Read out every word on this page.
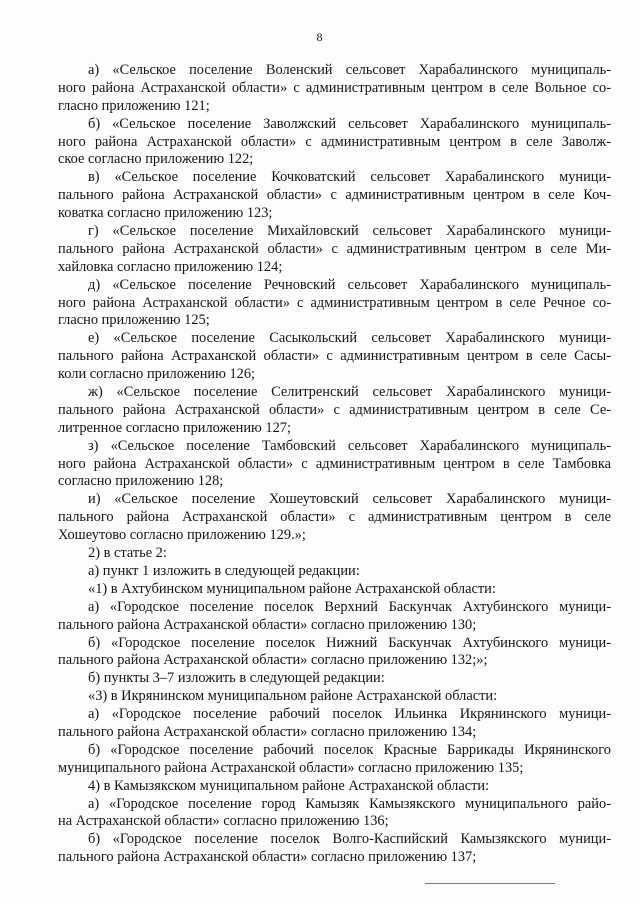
8
а) «Сельское поселение Воленский сельсовет Харабалинского муниципаль-
ного района Астраханской области» с административным центром в селе Вольное со-
гласно приложению 121;
б) «Сельское поселение Заволжский сельсовет Харабалинского муниципаль-
ного района Астраханской области» с административным центром в селе Заволж-
ское согласно приложению 122;
в) «Сельское поселение Кочковатский сельсовет Харабалинского муници-
пального района Астраханской области» с административным центром в селе Коч-
коватка согласно приложению 123;
г) «Сельское поселение Михайловский сельсовет Харабалинского муници-
пального района Астраханской области» с административным центром в селе Ми-
хайловка согласно приложению 124;
д) «Сельское поселение Речновский сельсовет Харабалинского муниципаль-
ного района Астраханской области» с административным центром в селе Речное со-
гласно приложению 125;
е) «Сельское поселение Сасыкольский сельсовет Харабалинского муници-
пального района Астраханской области» с административным центром в селе Сасы-
коли согласно приложению 126;
ж) «Сельское поселение Селитренский сельсовет Харабалинского муници-
пального района Астраханской области» с административным центром в селе Се-
литренное согласно приложению 127;
з) «Сельское поселение Тамбовский сельсовет Харабалинского муниципаль-
ного района Астраханской области» с административным центром в селе Тамбовка
согласно приложению 128;
и) «Сельское поселение Хошеутовский сельсовет Харабалинского муници-
пального района Астраханской области» с административным центром в селе
Хошеутово согласно приложению 129.»;
2) в статье 2:
а) пункт 1 изложить в следующей редакции:
«1) в Ахтубинском муниципальном районе Астраханской области:
а) «Городское поселение поселок Верхний Баскунчак Ахтубинского муници-
пального района Астраханской области» согласно приложению 130;
б) «Городское поселение поселок Нижний Баскунчак Ахтубинского муници-
пального района Астраханской области» согласно приложению 132;»;
б) пункты 3–7 изложить в следующей редакции:
«3) в Икрянинском муниципальном районе Астраханской области:
а) «Городское поселение рабочий поселок Ильинка Икрянинского муници-
пального района Астраханской области» согласно приложению 134;
б) «Городское поселение рабочий поселок Красные Баррикады Икрянинского
муниципального района Астраханской области» согласно приложению 135;
4) в Камызякском муниципальном районе Астраханской области:
а) «Городское поселение город Камызяк Камызякского муниципального райо-
на Астраханской области» согласно приложению 136;
б) «Городское поселение поселок Волго-Каспийский Камызякского муници-
пального района Астраханской области» согласно приложению 137;
